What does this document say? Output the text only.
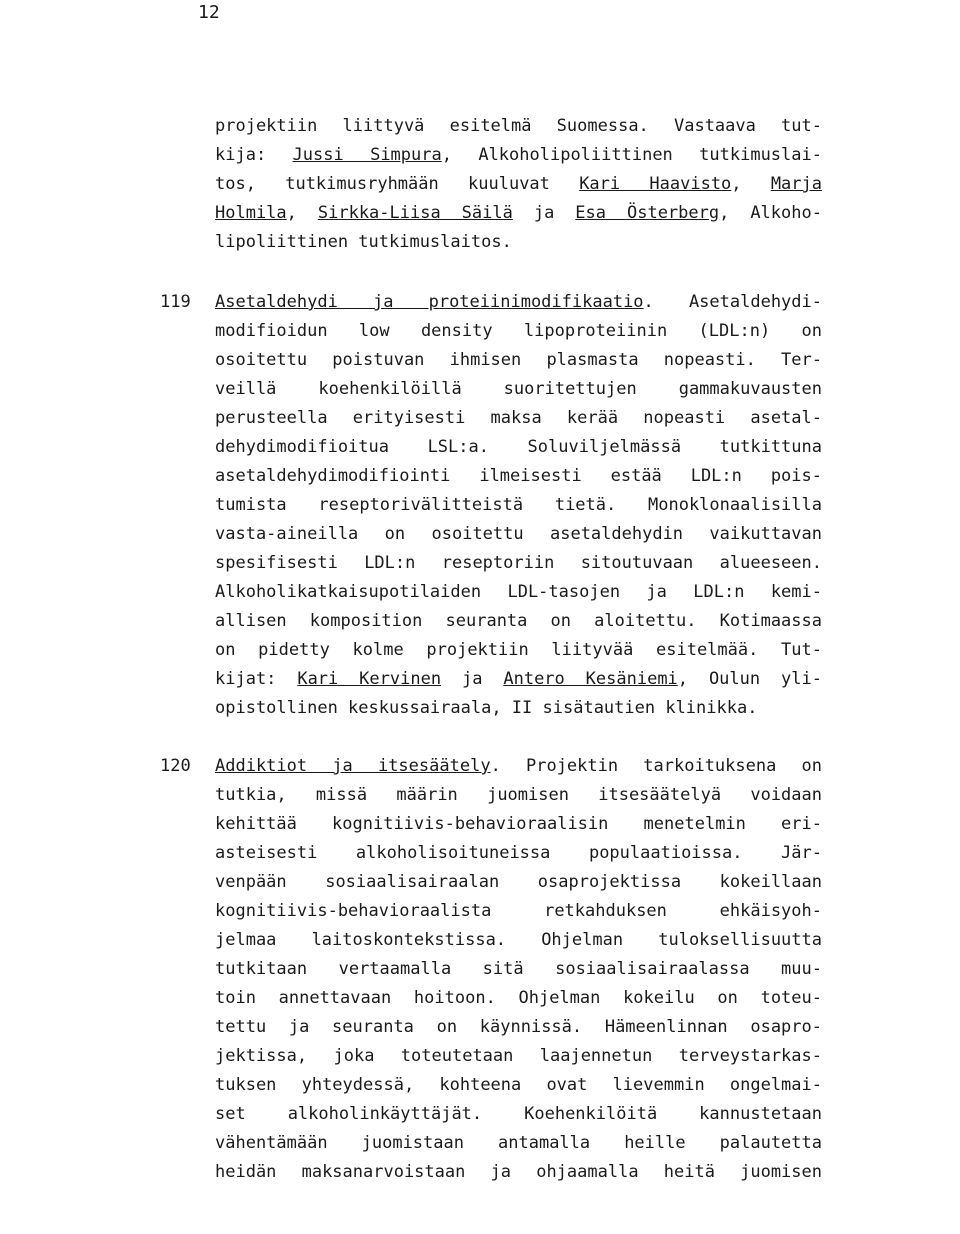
12
projektiin liittyvä esitelmä Suomessa. Vastaava tut-
kija: Jussi Simpura, Alkoholipoliittinen tutkimuslai-
tos, tutkimusryhmään kuuluvat Kari Haavisto, Marja
Holmila, Sirkka-Liisa Säilä ja Esa Österberg, Alkoho-
lipoliittinen tutkimuslaitos.
119 Asetaldehydi ja proteiinimodifikaatio. Asetaldehydi-
modifioidun low density lipoproteiinin (LDL:n) on
osoitettu poistuvan ihmisen plasmasta nopeasti. Ter-
veillä koehenkilöillä suoritettujen gammakuvausten
perusteella erityisesti maksa kerää nopeasti asetal-
dehydimodifioitua LSL:a. Soluviljelmässä tutkittuna
asetaldehydimodifiointi ilmeisesti estää LDL:n pois-
tumista reseptorivälitteistä tietä. Monoklonaalisilla
vasta-aineilla on osoitettu asetaldehydin vaikuttavan
spesifisesti LDL:n reseptoriin sitoutuvaan alueeseen.
Alkoholikatkaisupotilaiden LDL-tasojen ja LDL:n kemi-
allisen komposition seuranta on aloitettu. Kotimaassa
on pidetty kolme projektiin liityvää esitelmää. Tut-
kijat: Kari Kervinen ja Antero Kesäniemi, Oulun yli-
opistollinen keskussairaala, II sisätautien klinikka.
120 Addiktiot ja itsesäätely. Projektin tarkoituksena on
tutkia, missä määrin juomisen itsesäätelyä voidaan
kehittää kognitiivis-behavioraalisin menetelmin eri-
asteisesti alkoholisoituneissa populaatioissa. Jär-
venpään sosiaalisairaalan osaprojektissa kokeillaan
kognitiivis-behavioraalista retkahduksen ehkäisyoh-
jelmaa laitoskontekstissa. Ohjelman tuloksellisuutta
tutkitaan vertaamalla sitä sosiaalisairaalassa muu-
toin annettavaan hoitoon. Ohjelman kokeilu on toteu-
tettu ja seuranta on käynnissä. Hämeenlinnan osapro-
jektissa, joka toteutetaan laajennetun terveystarkas-
tuksen yhteydessä, kohteena ovat lievemmin ongelmai-
set alkoholinkäyttäjät. Koehenkilöitä kannustetaan
vähentämään juomistaan antamalla heille palautetta
heidän maksanarvoistaan ja ohjaamalla heitä juomisen
